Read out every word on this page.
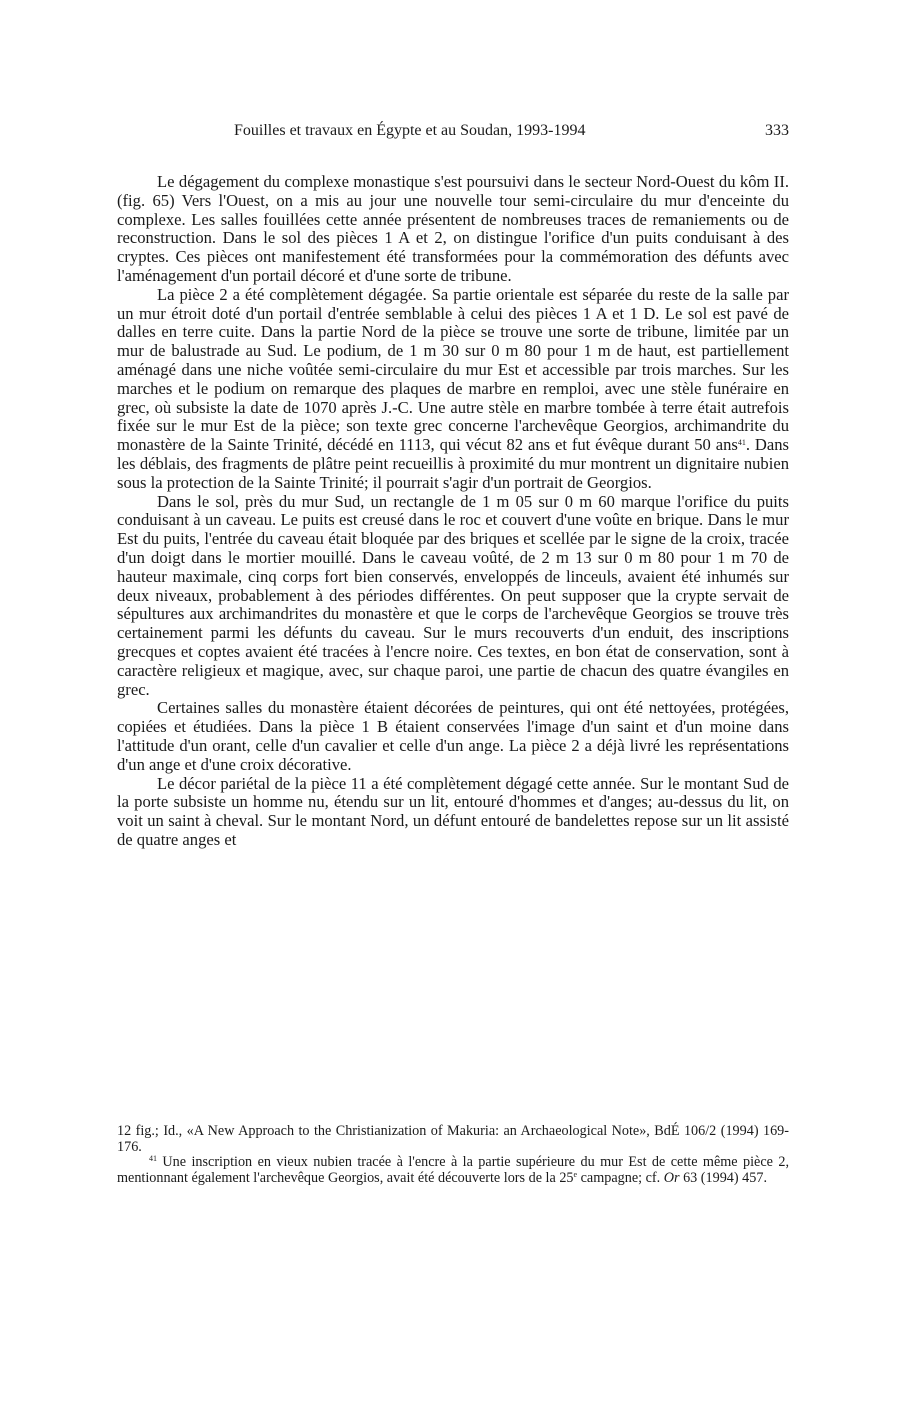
Fouilles et travaux en Égypte et au Soudan, 1993-1994	333

Le dégagement du complexe monastique s'est poursuivi dans le secteur Nord-Ouest du kôm II. (fig. 65) Vers l'Ouest, on a mis au jour une nouvelle tour semi-circulaire du mur d'enceinte du complexe. Les salles fouillées cette année présentent de nombreuses traces de remaniements ou de reconstruction. Dans le sol des pièces 1 A et 2, on distingue l'orifice d'un puits conduisant à des cryptes. Ces pièces ont manifestement été transformées pour la commémoration des défunts avec l'aménagement d'un portail décoré et d'une sorte de tribune.

La pièce 2 a été complètement dégagée. Sa partie orientale est séparée du reste de la salle par un mur étroit doté d'un portail d'entrée semblable à celui des pièces 1 A et 1 D. Le sol est pavé de dalles en terre cuite. Dans la partie Nord de la pièce se trouve une sorte de tribune, limitée par un mur de balustrade au Sud. Le podium, de 1 m 30 sur 0 m 80 pour 1 m de haut, est partiellement aménagé dans une niche voûtée semi-circulaire du mur Est et accessible par trois marches. Sur les marches et le podium on remarque des plaques de marbre en remploi, avec une stèle funéraire en grec, où subsiste la date de 1070 après J.-C. Une autre stèle en marbre tombée à terre était autrefois fixée sur le mur Est de la pièce; son texte grec concerne l'archevêque Georgios, archimandrite du monastère de la Sainte Trinité, décédé en 1113, qui vécut 82 ans et fut évêque durant 50 ans$^{41}$. Dans les déblais, des fragments de plâtre peint recueillis à proximité du mur montrent un dignitaire nubien sous la protection de la Sainte Trinité; il pourrait s'agir d'un portrait de Georgios.

Dans le sol, près du mur Sud, un rectangle de 1 m 05 sur 0 m 60 marque l'orifice du puits conduisant à un caveau. Le puits est creusé dans le roc et couvert d'une voûte en brique. Dans le mur Est du puits, l'entrée du caveau était bloquée par des briques et scellée par le signe de la croix, tracée d'un doigt dans le mortier mouillé. Dans le caveau voûté, de 2 m 13 sur 0 m 80 pour 1 m 70 de hauteur maximale, cinq corps fort bien conservés, enveloppés de linceuls, avaient été inhumés sur deux niveaux, probablement à des périodes différentes. On peut supposer que la crypte servait de sépultures aux archimandrites du monastère et que le corps de l'archevêque Georgios se trouve très certainement parmi les défunts du caveau. Sur le murs recouverts d'un enduit, des inscriptions grecques et coptes avaient été tracées à l'encre noire. Ces textes, en bon état de conservation, sont à caractère religieux et magique, avec, sur chaque paroi, une partie de chacun des quatre évangiles en grec.

Certaines salles du monastère étaient décorées de peintures, qui ont été nettoyées, protégées, copiées et étudiées. Dans la pièce 1 B étaient conservées l'image d'un saint et d'un moine dans l'attitude d'un orant, celle d'un cavalier et celle d'un ange. La pièce 2 a déjà livré les représentations d'un ange et d'une croix décorative.

Le décor pariétal de la pièce 11 a été complètement dégagé cette année. Sur le montant Sud de la porte subsiste un homme nu, étendu sur un lit, entouré d'hommes et d'anges; au-dessus du lit, on voit un saint à cheval. Sur le montant Nord, un défunt entouré de bandelettes repose sur un lit assisté de quatre anges et

12 fig.; Id., «A New Approach to the Christianization of Makuria: an Archaeological Note», BdÉ 106/2 (1994) 169-176.

$^{41}$ Une inscription en vieux nubien tracée à l'encre à la partie supérieure du mur Est de cette même pièce 2, mentionnant également l'archevêque Georgios, avait été découverte lors de la 25e campagne; cf. Or 63 (1994) 457.
